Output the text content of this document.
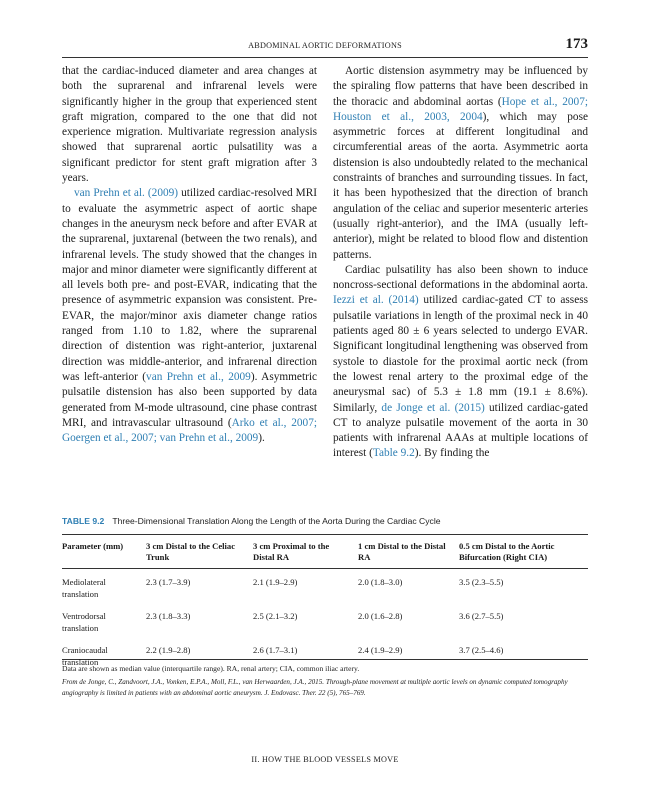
ABDOMINAL AORTIC DEFORMATIONS	173

that the cardiac-induced diameter and area changes at both the suprarenal and infrarenal levels were significantly higher in the group that experienced stent graft migration, compared to the one that did not experience migration. Multivariate regression analysis showed that suprarenal aortic pulsatility was a significant predictor for stent graft migration after 3 years.

van Prehn et al. (2009) utilized cardiac-resolved MRI to evaluate the asymmetric aspect of aortic shape changes in the aneurysm neck before and after EVAR at the suprarenal, juxtarenal (between the two renals), and infrarenal levels. The study showed that the changes in major and minor diameter were significantly different at all levels both pre- and post-EVAR, indicating that the presence of asymmetric expansion was consistent. Pre-EVAR, the major/minor axis diameter change ratios ranged from 1.10 to 1.82, where the suprarenal direction of distention was right-anterior, juxtarenal direction was middle-anterior, and infrarenal direction was left-anterior (van Prehn et al., 2009). Asymmetric pulsatile distension has also been supported by data generated from M-mode ultrasound, cine phase contrast MRI, and intravascular ultrasound (Arko et al., 2007; Goergen et al., 2007; van Prehn et al., 2009).

Aortic distension asymmetry may be influenced by the spiraling flow patterns that have been described in the thoracic and abdominal aortas (Hope et al., 2007; Houston et al., 2003, 2004), which may pose asymmetric forces at different longitudinal and circumferential areas of the aorta. Asymmetric aorta distension is also undoubtedly related to the mechanical constraints of branches and surrounding tissues. In fact, it has been hypothesized that the direction of branch angulation of the celiac and superior mesenteric arteries (usually right-anterior), and the IMA (usually left-anterior), might be related to blood flow and distention patterns.

Cardiac pulsatility has also been shown to induce noncross-sectional deformations in the abdominal aorta. Iezzi et al. (2014) utilized cardiac-gated CT to assess pulsatile variations in length of the proximal neck in 40 patients aged 80 ± 6 years selected to undergo EVAR. Significant longitudinal lengthening was observed from systole to diastole for the proximal aortic neck (from the lowest renal artery to the proximal edge of the aneurysmal sac) of 5.3 ± 1.8 mm (19.1 ± 8.6%). Similarly, de Jonge et al. (2015) utilized cardiac-gated CT to analyze pulsatile movement of the aorta in 30 patients with infrarenal AAAs at multiple locations of interest (Table 9.2). By finding the

TABLE 9.2 Three-Dimensional Translation Along the Length of the Aorta During the Cardiac Cycle
Parameter (mm)	3 cm Distal to the Celiac Trunk	3 cm Proximal to the Distal RA	1 cm Distal to the Distal RA	0.5 cm Distal to the Aortic Bifurcation (Right CIA)
Mediolateral translation	2.3 (1.7–3.9)	2.1 (1.9–2.9)	2.0 (1.8–3.0)	3.5 (2.3–5.5)
Ventrodorsal translation	2.3 (1.8–3.3)	2.5 (2.1–3.2)	2.0 (1.6–2.8)	3.6 (2.7–5.5)
Craniocaudal translation	2.2 (1.9–2.8)	2.6 (1.7–3.1)	2.4 (1.9–2.9)	3.7 (2.5–4.6)
Data are shown as median value (interquartile range). RA, renal artery; CIA, common iliac artery.
From de Jonge, C., Zandvoort, J.A., Vonken, E.P.A., Moll, F.L., van Herwaarden, J.A., 2015. Through-plane movement at multiple aortic levels on dynamic computed tomography angiography is limited in patients with an abdominal aortic aneurysm. J. Endovasc. Ther. 22 (5), 765–769.
II. HOW THE BLOOD VESSELS MOVE
